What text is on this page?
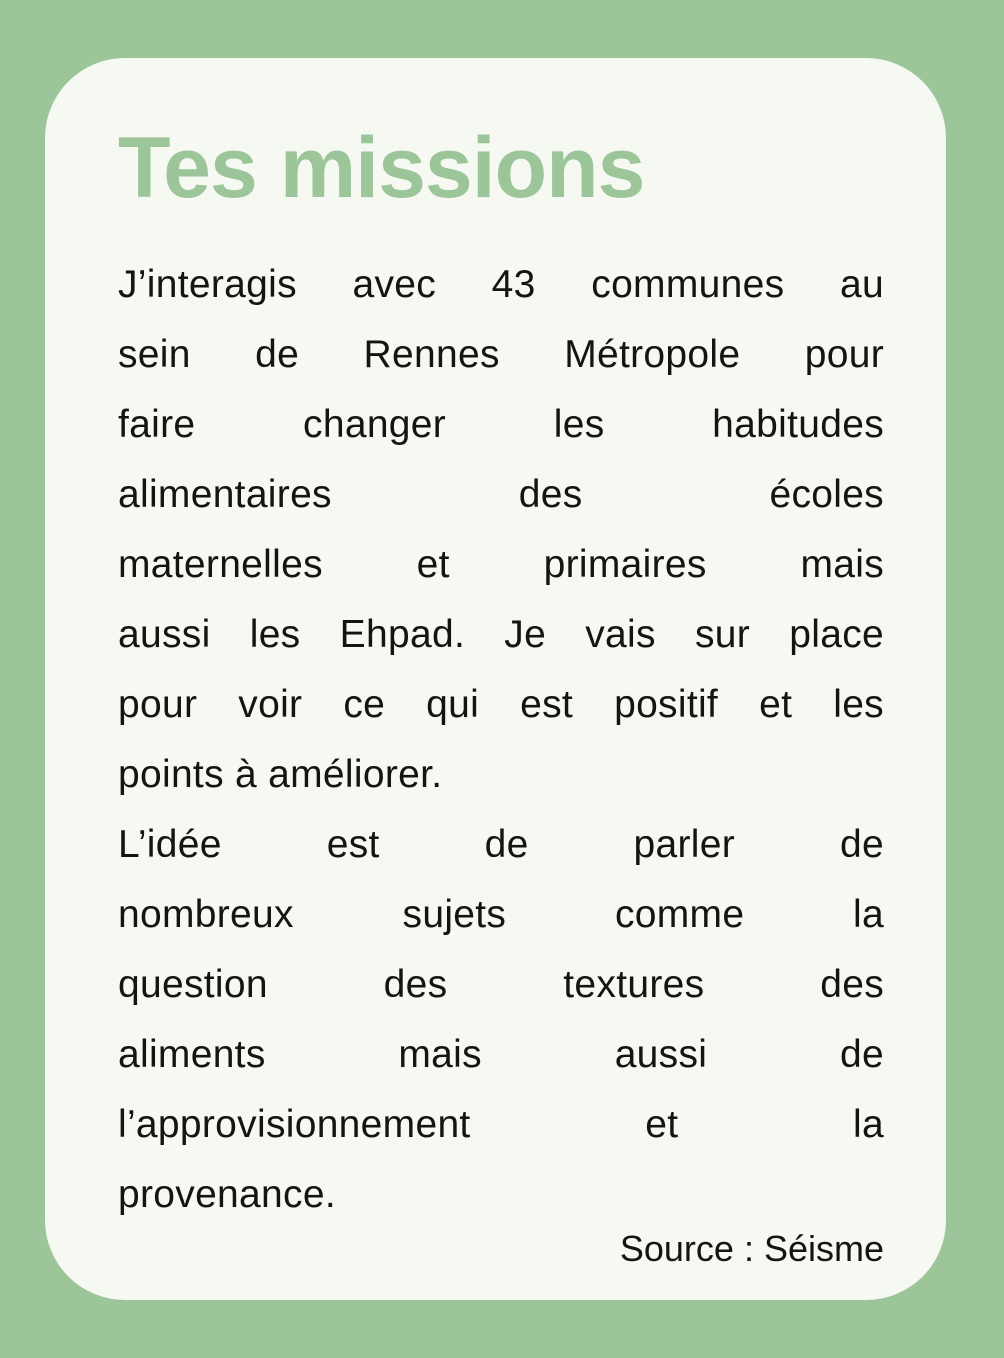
Tes missions
J’interagis avec 43 communes au
sein de Rennes Métropole pour
faire changer les habitudes
alimentaires des écoles
maternelles et primaires mais
aussi les Ehpad. Je vais sur place
pour voir ce qui est positif et les
points à améliorer.
L’idée est de parler de
nombreux sujets comme la
question des textures des
aliments mais aussi de
l’approvisionnement et la
provenance.
Source : Séisme
